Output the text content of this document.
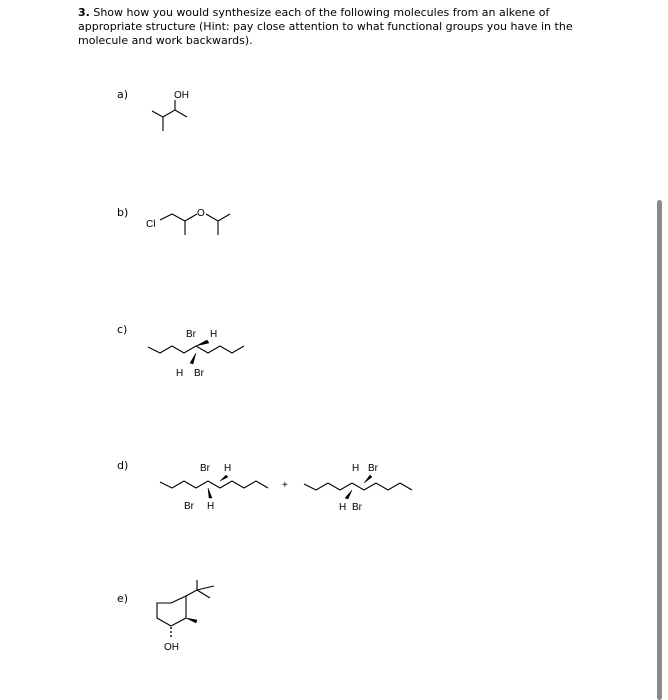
3. Show how you would synthesize each of the following molecules from an alkene of appropriate structure (Hint: pay close attention to what functional groups you have in the molecule and work backwards).
a)
b)
c)
d)
e)
OH
Cl
O
Br H
H Br
Br H
Br H
+
H Br
H Br
OH
